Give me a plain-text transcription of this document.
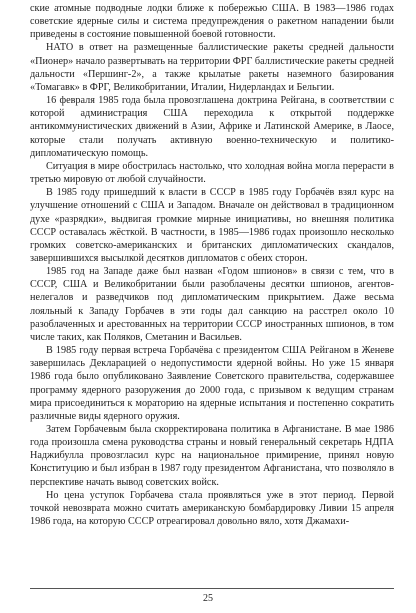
ские атомные подводные лодки ближе к побережью США. В 1983—1986 годах советские ядерные силы и система предупреждения о ракетном нападении были приведены в состояние повышенной боевой готовности.

НАТО в ответ на размещенные баллистические ракеты средней дальности «Пионер» начало развертывать на территории ФРГ баллистические ракеты средней дальности «Першинг-2», а также крылатые ракеты наземного базирования «Томагавк» в ФРГ, Великобритании, Италии, Нидерландах и Бельгии.

16 февраля 1985 года была провозглашена доктрина Рейгана, в соответствии с которой администрация США переходила к открытой поддержке антикоммунистических движений в Азии, Африке и Латинской Америке, в Лаосе, которые стали получать активную военно-техническую и политико-дипломатическую помощь.

Ситуация в мире обострилась настолько, что холодная война могла перерасти в третью мировую от любой случайности.

В 1985 году пришедший к власти в СССР в 1985 году Горбачёв взял курс на улучшение отношений с США и Западом. Вначале он действовал в традиционном духе «разрядки», выдвигая громкие мирные инициативы, но внешняя политика СССР оставалась жёсткой. В частности, в 1985—1986 годах произошло несколько громких советско-американских и британских дипломатических скандалов, завершившихся высылкой десятков дипломатов с обеих сторон.

1985 год на Западе даже был назван «Годом шпионов» в связи с тем, что в СССР, США и Великобритании были разоблачены десятки шпионов, агентов-нелегалов и разведчиков под дипломатическим прикрытием. Даже весьма лояльный к Западу Горбачев в эти годы дал санкцию на расстрел около 10 разоблаченных и арестованных на территории СССР иностранных шпионов, в том числе таких, как Поляков, Сметанин и Васильев.

В 1985 году первая встреча Горбачёва с президентом США Рейганом в Женеве завершилась Декларацией о недопустимости ядерной войны. Но уже 15 января 1986 года было опубликовано Заявление Советского правительства, содержавшее программу ядерного разоружения до 2000 года, с призывом к ведущим странам мира присоединиться к мораторию на ядерные испытания и постепенно сократить различные виды ядерного оружия.

Затем Горбачевым была скорректирована политика в Афганистане. В мае 1986 года произошла смена руководства страны и новый генеральный секретарь НДПА Наджибулла провозгласил курс на национальное примирение, принял новую Конституцию и был избран в 1987 году президентом Афганистана, что позволяло в перспективе начать вывод советских войск.

Но цена уступок Горбачева стала проявляться уже в этот период. Первой точкой невозврата можно считать американскую бомбардировку Ливии 15 апреля 1986 года, на которую СССР отреагировал довольно вяло, хотя Джамахи-

25
